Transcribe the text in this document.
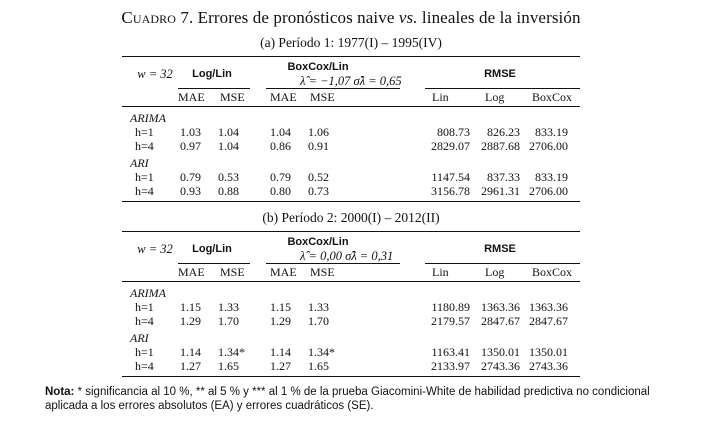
Cuadro 7. Errores de pronósticos naive vs. lineales de la inversión
(a) Período 1: 1977(I) – 1995(IV)
w = 32	Log/Lin
BoxCox/Lin
λ̂ = −1,07 σ̂λ = 0,65	RMSE
MAE MSE MAE MSE	Lin	Log BoxCox
ARIMA
h=1 1.03 1.04	1.04 1.06	808.73 826.23 833.19
h=4 0.97 1.04	0.86 0.91	2829.07 2887.68 2706.00
ARI
h=1 0.79 0.53	0.79 0.52	1147.54 837.33 833.19
h=4 0.93 0.88	0.80 0.73	3156.78 2961.31 2706.00
(b) Período 2: 2000(I) – 2012(II)
w = 32	Log/Lin
BoxCox/Lin
λ̂ = 0,00 σ̂λ = 0,31	RMSE
MAE MSE MAE MSE	Lin	Log BoxCox
ARIMA
h=1 1.15 1.33	1.15 1.33	1180.89 1363.36 1363.36
h=4 1.29 1.70	1.29 1.70	2179.57 2847.67 2847.67
ARI
h=1 1.14 1.34* 1.14 1.34*	1163.41 1350.01 1350.01
h=4 1.27 1.65	1.27 1.65	2133.97 2743.36 2743.36
Nota: * significancia al 10 %, ** al 5 % y *** al 1 % de la prueba Giacomini-White de habilidad predictiva no condicional aplicada a los errores absolutos (EA) y errores cuadráticos (SE).
